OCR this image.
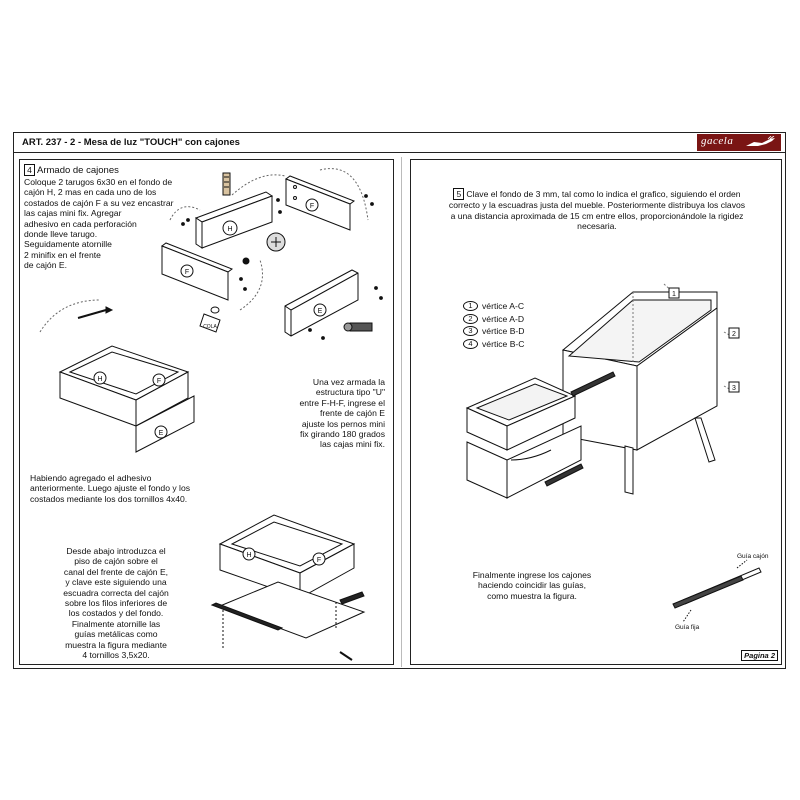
ART. 237 - 2 - Mesa de luz "TOUCH" con cajones	gacela
4 Armado de cajones
Coloque 2 tarugos 6x30 en el fondo de
cajón H, 2 mas en cada uno de los
costados de cajón F a su vez encastrar
las cajas mini fix. Agregar
adhesivo en cada perforación
donde lleve tarugo.
Seguidamente atornille
2 minifix en el frente
de cajón E.
Una vez armada la
estructura tipo "U"
entre F-H-F, ingrese el
frente de cajón E
ajuste los pernos mini
fix girando 180 grados
las cajas mini fix.
Habiendo agregado el adhesivo
anteriormente. Luego ajuste el fondo y los
costados mediante los dos tornillos 4x40.
Desde abajo introduzca el
piso de cajón sobre el
canal del frente de cajón E,
y clave este siguiendo una
escuadra correcta del cajón
sobre los filos inferiores de
los costados y del fondo.
Finalmente atornille las
guías metálicas como
muestra la figura mediante
4 tornillos 3,5x20.
H
F
F
E
H	F
E
H
F
COLA

5 Clave el fondo de 3 mm, tal como lo indica el grafico, siguiendo el orden
correcto y la escuadras justa del mueble. Posteriormente distribuya los clavos
a una distancia aproximada de 15 cm entre ellos, proporcionándole la rigidez
necesaria.

1	vértice A-C
2	vértice A-D
3	vértice B-D
4	vértice B-C
Finalmente ingrese los cajones
haciendo coincidir las guías,
como muestra la figura.
1
2
3
Guía cajón
Guía fija
Pagina 2
